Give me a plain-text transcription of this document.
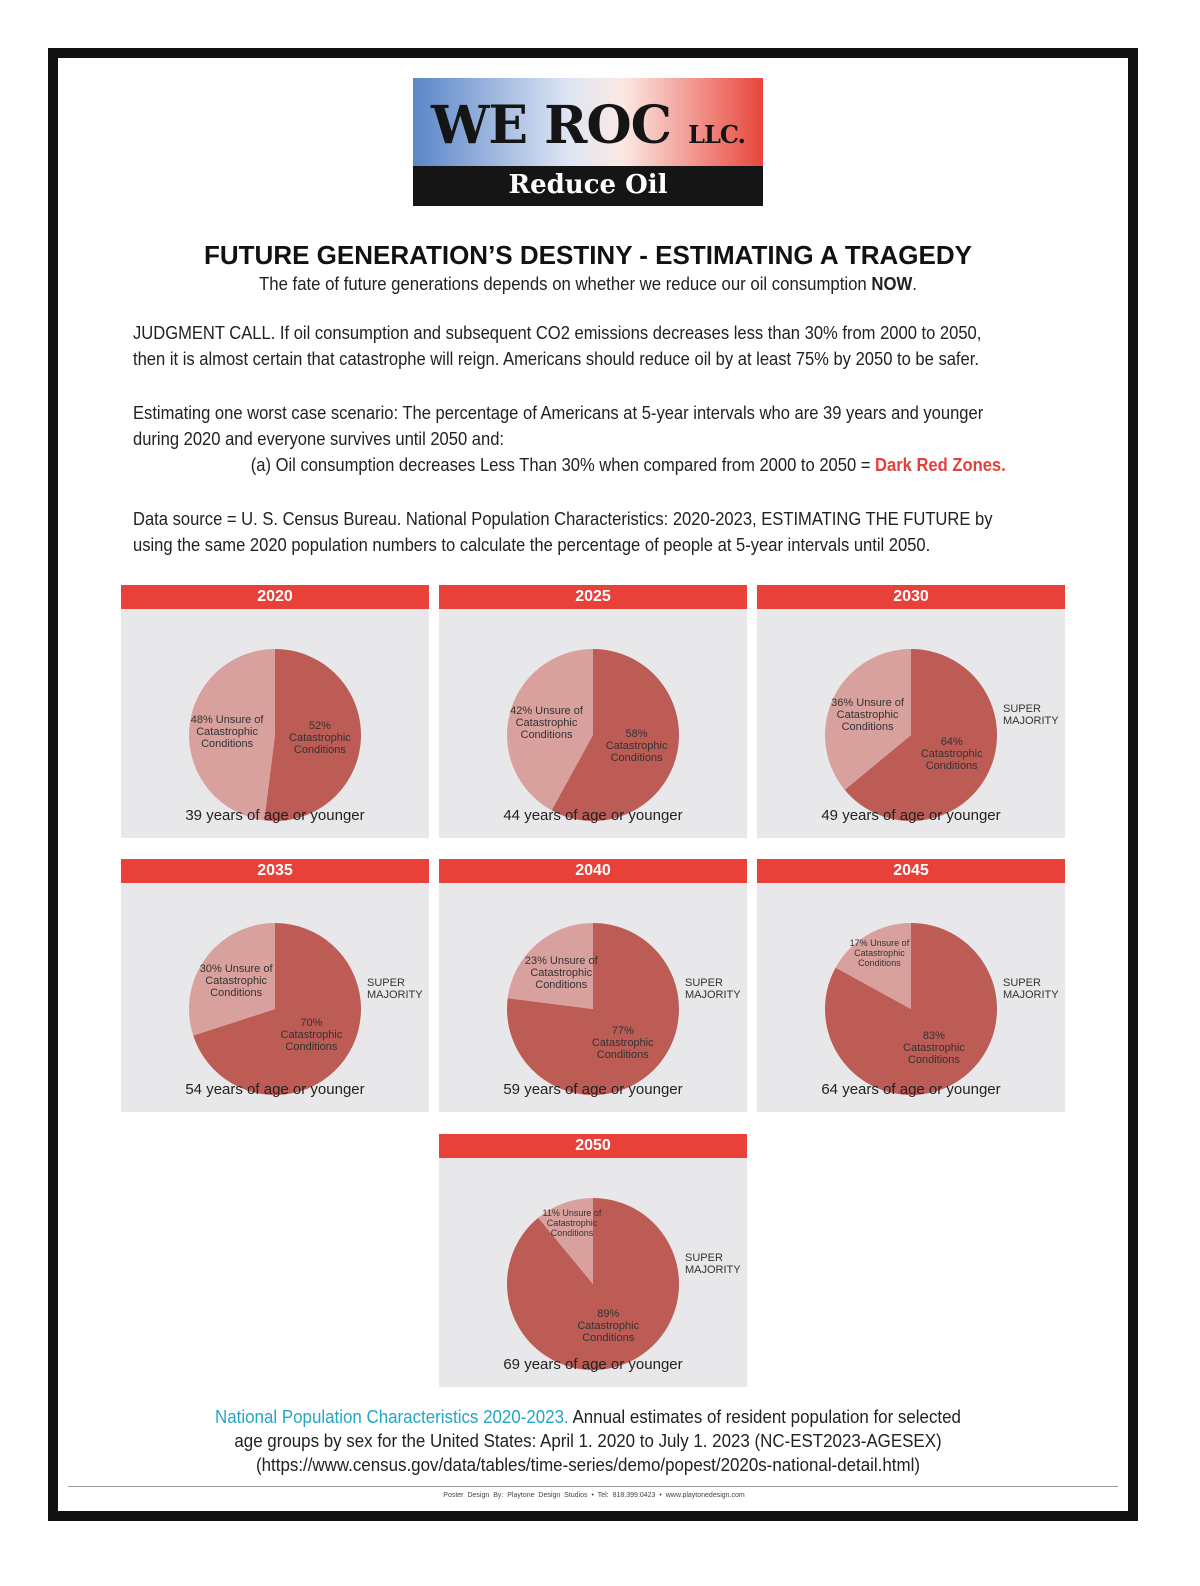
WE ROC LLC.
Reduce Oil Consumption
FUTURE GENERATION’S DESTINY - ESTIMATING A TRAGEDY
The fate of future generations depends on whether we reduce our oil consumption NOW.
JUDGMENT CALL. If oil consumption and subsequent CO2 emissions decreases less than 30% from 2000 to 2050,
then it is almost certain that catastrophe will reign. Americans should reduce oil by at least 75% by 2050 to be safer.
Estimating one worst case scenario: The percentage of Americans at 5-year intervals who are 39 years and younger
during 2020 and everyone survives until 2050 and:
(a) Oil consumption decreases Less Than 30% when compared from 2000 to 2050 = Dark Red Zones.
Data source = U. S. Census Bureau. National Population Characteristics: 2020-2023, ESTIMATING THE FUTURE by
using the same 2020 population numbers to calculate the percentage of people at 5-year intervals until 2050.
2020
52% Catastrophic Conditions
48% Unsure of Catastrophic Conditions
39 years of age or younger
2025
58% Catastrophic Conditions
42% Unsure of Catastrophic Conditions
44 years of age or younger
2030
64% Catastrophic Conditions
36% Unsure of Catastrophic Conditions
SUPER MAJORITY
49 years of age or younger
2035
70% Catastrophic Conditions
30% Unsure of Catastrophic Conditions
SUPER MAJORITY
54 years of age or younger
2040
77% Catastrophic Conditions
23% Unsure of Catastrophic Conditions	SUPER MAJORITY
59 years of age or younger
2045
83% Catastrophic Conditions
17% Unsure of Catastrophic Conditions
SUPER MAJORITY
64 years of age or younger
2050
89% Catastrophic Conditions
11% Unsure of Catastrophic Conditions
SUPER MAJORITY
69 years of age or younger
National Population Characteristics 2020-2023. Annual estimates of resident population for selected
age groups by sex for the United States: April 1. 2020 to July 1. 2023 (NC-EST2023-AGESEX)
(https://www.census.gov/data/tables/time-series/demo/popest/2020s-national-detail.html)
Poster Design By: Playtone Design Studios • Tel: 818.399.0423 • www.playtonedesign.com
